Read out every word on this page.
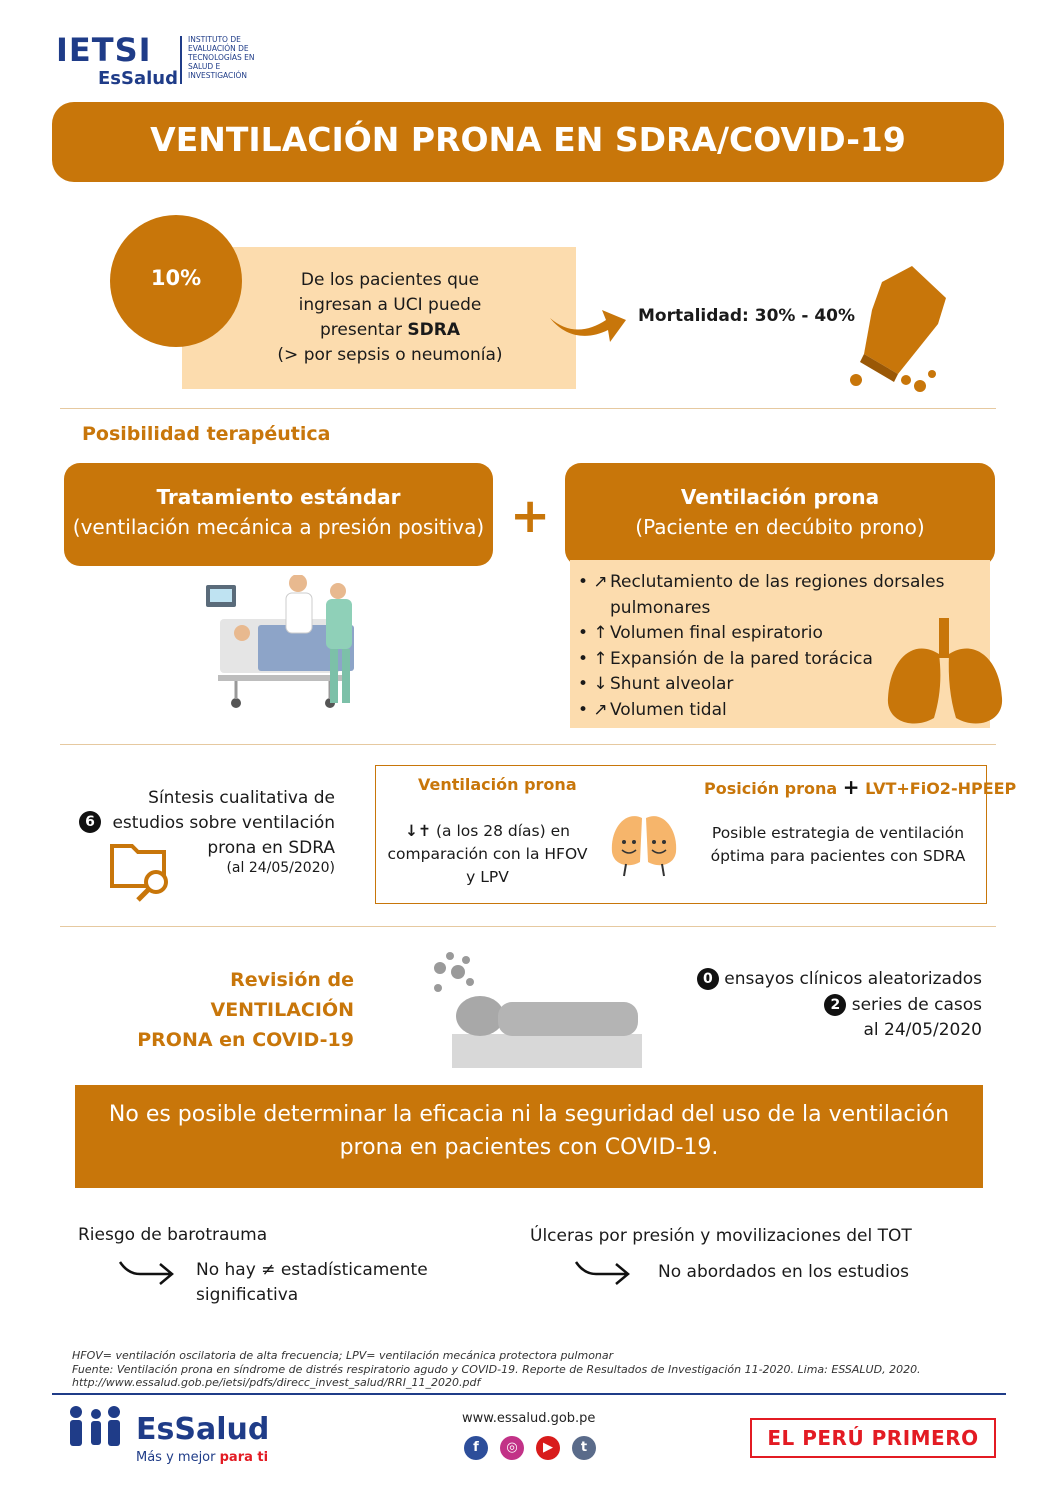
IETSI
EsSalud
INSTITUTO DE EVALUACIÓN DE TECNOLOGÍAS EN SALUD E INVESTIGACIÓN
VENTILACIÓN PRONA EN SDRA/COVID-19
10%	De los pacientes que
ingresan a UCI puede
presentar SDRA
(> por sepsis o neumonía)
Mortalidad: 30% - 40%
Posibilidad terapéutica
Tratamiento estándar
(ventilación mecánica a presión positiva) +	Ventilación prona
(Paciente en decúbito prono)
• ↗ Reclutamiento de las regiones dorsales pulmonares
• ↑ Volumen final espiratorio
• ↑ Expansión de la pared torácica
• ↓ Shunt alveolar
• ↗ Volumen tidal
Síntesis cualitativa de
estudios sobre ventilación
prona en SDRA
6
(al 24/05/2020)
Ventilación prona	Posición prona + LVT+FiO2-HPEEP
↓✝ (a los 28 días) en
comparación con la HFOV
y LPV
Posible estrategia de ventilación
óptima para pacientes con SDRA
Revisión de VENTILACIÓN
PRONA en COVID-19
0 ensayos clínicos aleatorizados
2 series de casos
al 24/05/2020
No es posible determinar la eficacia ni la seguridad del uso de la ventilación
prona en pacientes con COVID-19.
Riesgo de barotrauma
No hay ≠ estadísticamente
significativa
Úlceras por presión y movilizaciones del TOT
No abordados en los estudios
HFOV= ventilación oscilatoria de alta frecuencia; LPV= ventilación mecánica protectora pulmonar
Fuente: Ventilación prona en síndrome de distrés respiratorio agudo y COVID-19. Reporte de Resultados de Investigación 11-2020. Lima: ESSALUD, 2020.
http://www.essalud.gob.pe/ietsi/pdfs/direcc_invest_salud/RRI_11_2020.pdf
EsSalud
Más y mejor para ti
www.essalud.gob.pe
f	◎	▶	t	EL PERÚ PRIMERO
